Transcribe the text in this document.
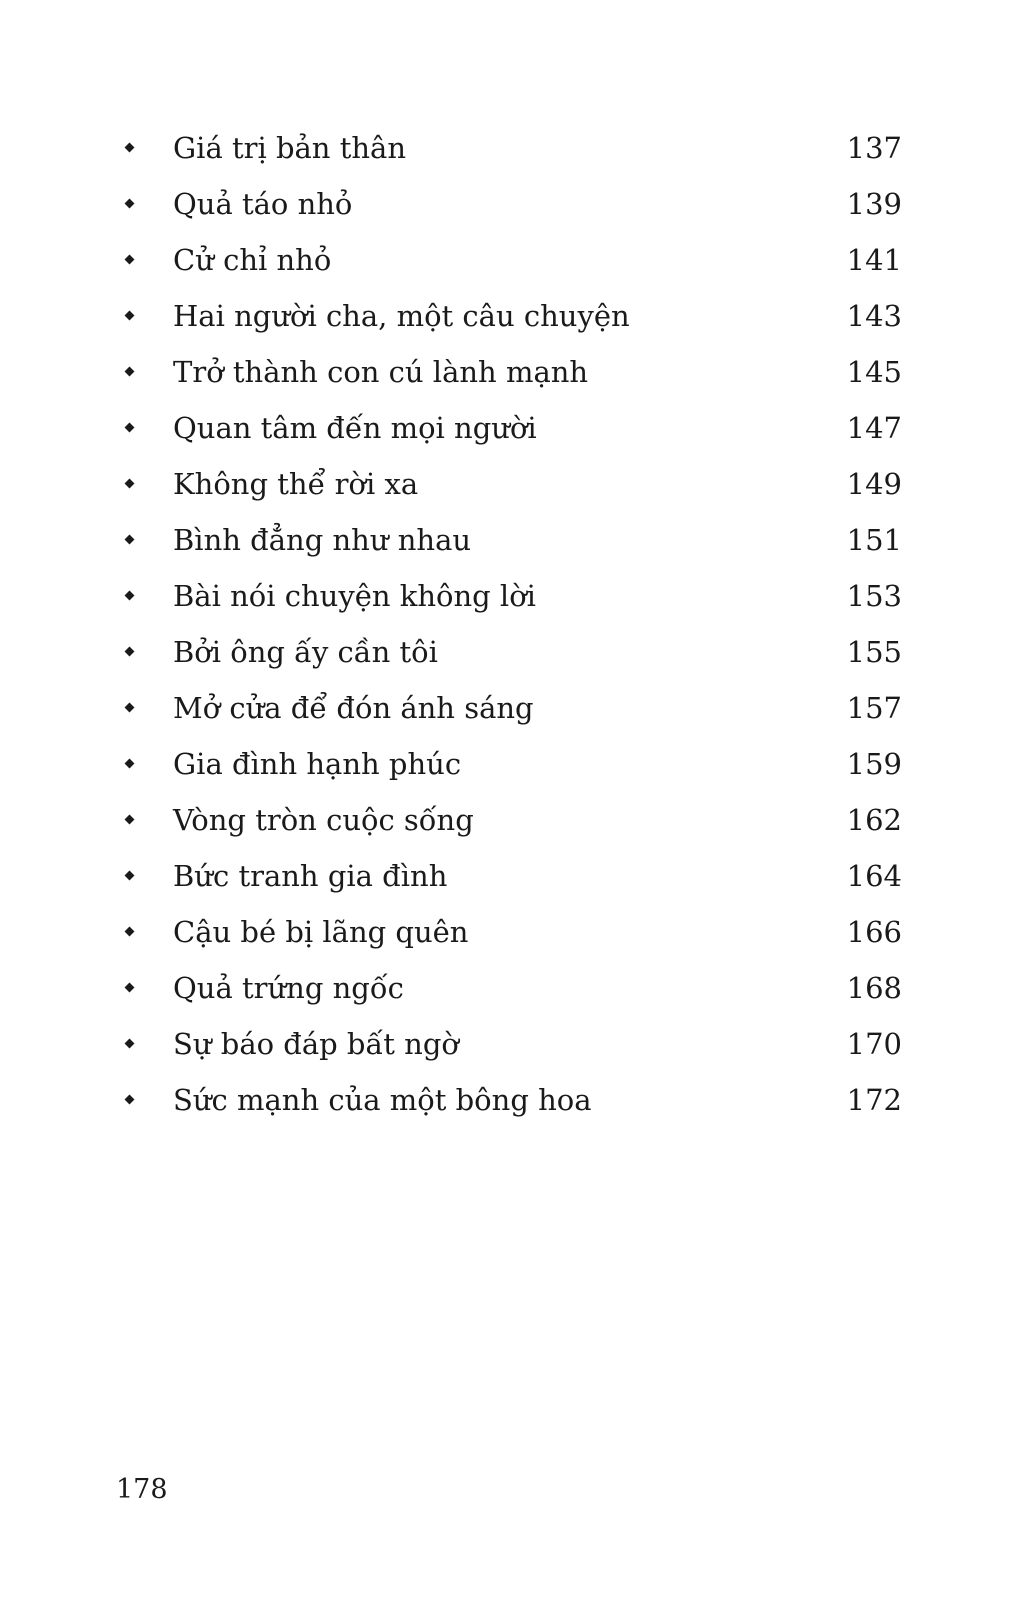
Giá trị bản thân	137
Quả táo nhỏ	139
Cử chỉ nhỏ	141
Hai người cha, một câu chuyện	143
Trở thành con cú lành mạnh	145
Quan tâm đến mọi người	147
Không thể rời xa	149
Bình đẳng như nhau	151
Bài nói chuyện không lời	153
Bởi ông ấy cần tôi	155
Mở cửa để đón ánh sáng	157
Gia đình hạnh phúc	159
Vòng tròn cuộc sống	162
Bức tranh gia đình	164
Cậu bé bị lãng quên	166
Quả trứng ngốc	168
Sự báo đáp bất ngờ	170
Sức mạnh của một bông hoa	172
178
